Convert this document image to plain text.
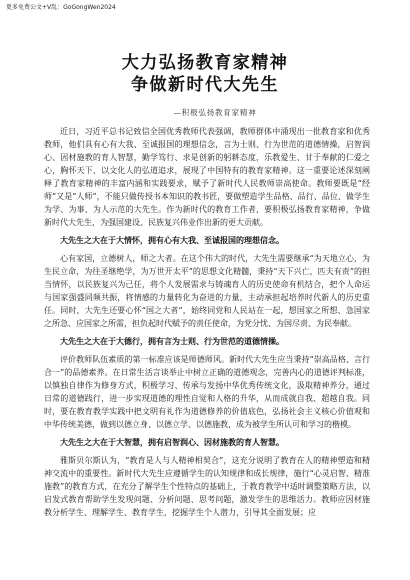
更多免费公文+V乱：GoGongWen2024
大力弘扬教育家精神
争做新时代大先生
—积极弘扬教育家精神

近日，习近平总书记致信全国优秀教师代表强调，教师群体中涌现出一批教育家和优秀教师，他们具有心有大我、至诚报国的理想信念，言为士则、行为世范的道德情操，启智润心、因材施教的育人智慧，勤学笃行、求是创新的躬耕态度，乐教爱生、甘于奉献的仁爱之心，胸怀天下、以文化人的弘道追求，展现了中国特有的教育家精神。这一重要论述深刻阐释了教育家精神的丰富内涵和实践要求，赋予了新时代人民教师崇高使命。教师要既是“经师”又是“人师”，不能只做传授书本知识的教书匠，要做塑造学生品格、品行、品位、做学生为学、为事、为人示范的大先生。作为新时代的教育工作者，要积极弘扬教育家精神，争做新时代大先生，为强国建设、民族复兴伟业作出新的更大贡献。

大先生之大在于大情怀，拥有心有大我、至诚报国的理想信念。

心有家国，立德树人，师之大者。在这个伟大的时代，大先生需要继承“为天地立心，为生民立命，为往圣继绝学，为万世开太平”的思想文化精髓，秉持“天下兴亡，匹夫有责”的担当情怀，以民族复兴为己任，将个人发展需求与铸魂育人的历史使命有机结合，把个人命运与国家强盛同频共振，将情感的力量转化为奋进的力量，主动承担起培养时代新人的历史重任。同时，大先生还要心怀“国之大者”，始终同党和人民站在一起，想国家之所想、急国家之所急、应国家之所需，担负起时代赋予的责任使命，为党分忧、为国尽责、为民奉献。

大先生之大在于大德行，拥有言为士则、行为世范的道德情操。

评价教师队伍素质的第一标准应该是师德师风。新时代大先生应当秉持“崇高品格、言行合一”的品德素养。在日常生活言谈举止中树立正确的道德观念，完善内心的道德评判标准，以慎独自律作为修身方式，积极学习、传承与发扬中华优秀传统文化，汲取精神养分，通过日常的道德践行，进一步实现道德的理性自觉和人格的升华，从而成就自我、超越自我。同时，要在教育教学实践中把文明有礼作为道德修养的价值底色，弘扬社会主义核心价值观和中华传统美德，做到以德立身、以德立学、以德施教，成为被学生所认可和学习的楷模。

大先生之大在于大智慧，拥有启智润心、因材施教的育人智慧。

雅斯贝尔斯认为，“教育是人与人精神相契合”，这充分说明了教育在人的精神塑造和精神交流中的重要性。新时代大先生应遵循学生的认知规律和成长规律，施行“心灵启智、精准施教”的教育方式，在充分了解学生个性特点的基础上，于教育教学中适时调整策略方法，以启发式教育帮助学生发现问题、分析问题、思考问题，激发学生的思维活力。教师应因材施教分析学生、理解学生、教育学生，挖掘学生个人潜力，引导其全面发展；应
